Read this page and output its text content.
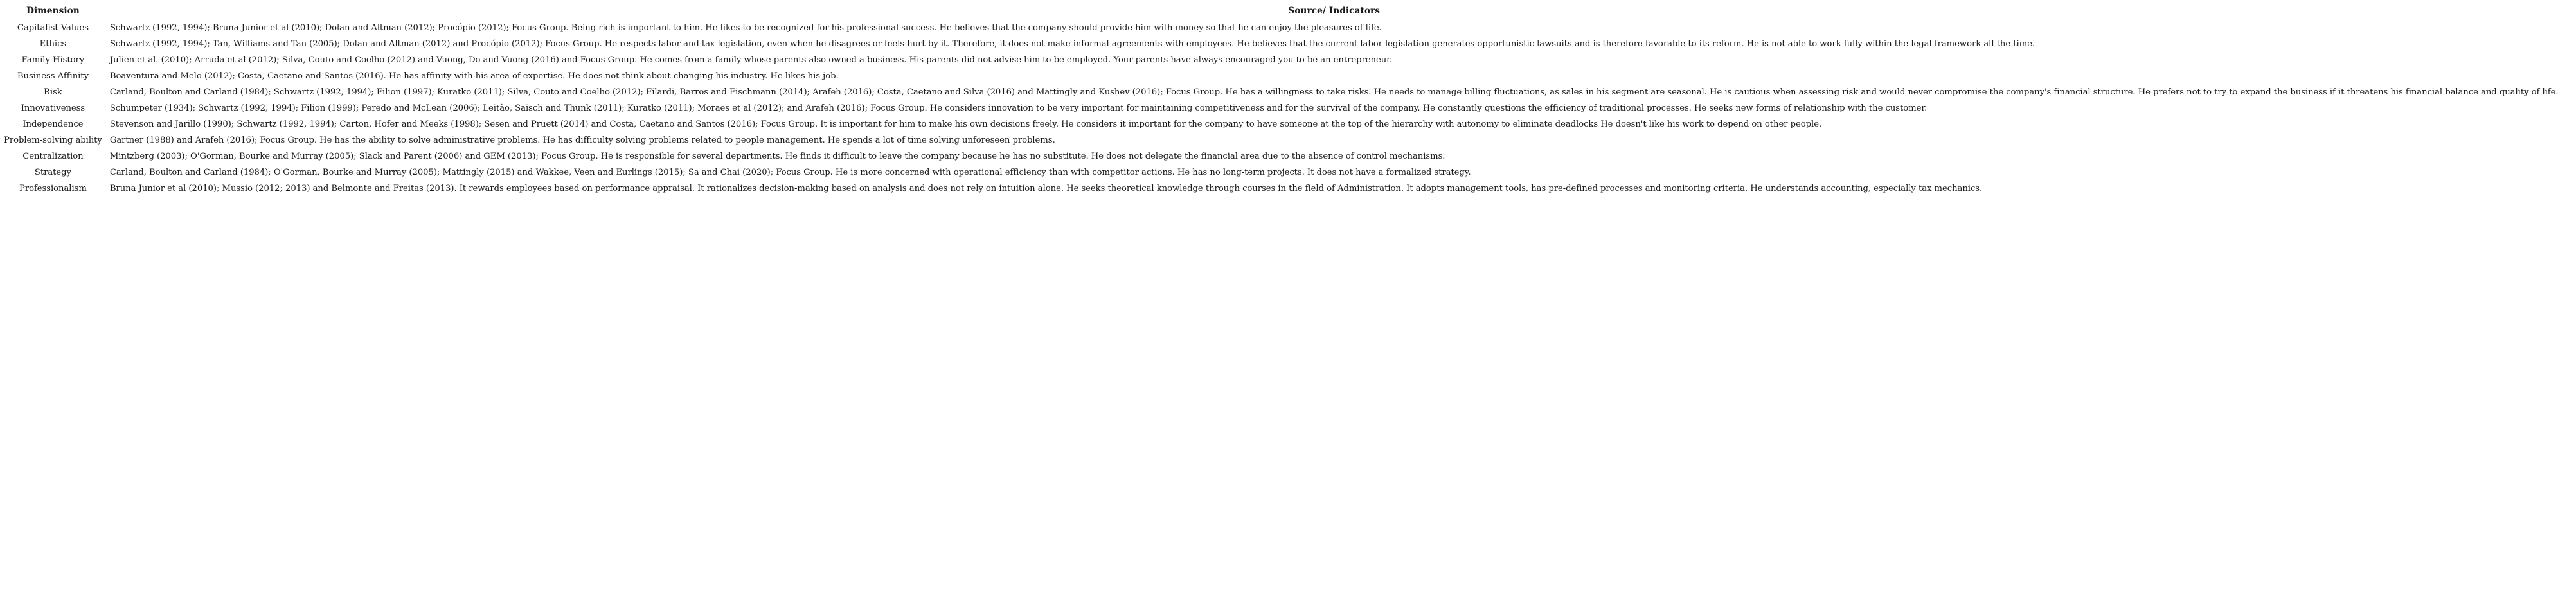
Dimension	Source/ Indicators
Capitalist Values	Schwartz (1992, 1994); Bruna Junior et al (2010); Dolan and Altman (2012); Procópio (2012); Focus Group. Being rich is important to him. He likes to be recognized for his professional success. He believes that the company should provide him with money so that he can enjoy the pleasures of life.
Ethics	Schwartz (1992, 1994); Tan, Williams and Tan (2005); Dolan and Altman (2012) and Procópio (2012); Focus Group. He respects labor and tax legislation, even when he disagrees or feels hurt by it. Therefore, it does not make informal agreements with employees. He believes that the current labor legislation generates opportunistic lawsuits and is therefore favorable to its reform. He is not able to work fully within the legal framework all the time.
Family History	Julien et al. (2010); Arruda et al (2012); Silva, Couto and Coelho (2012) and Vuong, Do and Vuong (2016) and Focus Group. He comes from a family whose parents also owned a business. His parents did not advise him to be employed. Your parents have always encouraged you to be an entrepreneur.
Business Affinity	Boaventura and Melo (2012); Costa, Caetano and Santos (2016). He has affinity with his area of expertise. He does not think about changing his industry. He likes his job.
Risk	Carland, Boulton and Carland (1984); Schwartz (1992, 1994); Filion (1997); Kuratko (2011); Silva, Couto and Coelho (2012); Filardi, Barros and Fischmann (2014); Arafeh (2016); Costa, Caetano and Silva (2016) and Mattingly and Kushev (2016); Focus Group. He has a willingness to take risks. He needs to manage billing fluctuations, as sales in his segment are seasonal. He is cautious when assessing risk and would never compromise the company's financial structure. He prefers not to try to expand the business if it threatens his financial balance and quality of life.
Innovativeness	Schumpeter (1934); Schwartz (1992, 1994); Filion (1999); Peredo and McLean (2006); Leitão, Saisch and Thunk (2011); Kuratko (2011); Moraes et al (2012); and Arafeh (2016); Focus Group. He considers innovation to be very important for maintaining competitiveness and for the survival of the company. He constantly questions the efficiency of traditional processes. He seeks new forms of relationship with the customer.
Independence	Stevenson and Jarillo (1990); Schwartz (1992, 1994); Carton, Hofer and Meeks (1998); Sesen and Pruett (2014) and Costa, Caetano and Santos (2016); Focus Group. It is important for him to make his own decisions freely. He considers it important for the company to have someone at the top of the hierarchy with autonomy to eliminate deadlocks He doesn't like his work to depend on other people.
Problem-solving ability	Gartner (1988) and Arafeh (2016); Focus Group. He has the ability to solve administrative problems. He has difficulty solving problems related to people management. He spends a lot of time solving unforeseen problems.
Centralization	Mintzberg (2003); O'Gorman, Bourke and Murray (2005); Slack and Parent (2006) and GEM (2013); Focus Group. He is responsible for several departments. He finds it difficult to leave the company because he has no substitute. He does not delegate the financial area due to the absence of control mechanisms.
Strategy	Carland, Boulton and Carland (1984); O'Gorman, Bourke and Murray (2005); Mattingly (2015) and Wakkee, Veen and Eurlings (2015); Sa and Chai (2020); Focus Group. He is more concerned with operational efficiency than with competitor actions. He has no long-term projects. It does not have a formalized strategy.
Professionalism	Bruna Junior et al (2010); Mussio (2012; 2013) and Belmonte and Freitas (2013). It rewards employees based on performance appraisal. It rationalizes decision-making based on analysis and does not rely on intuition alone. He seeks theoretical knowledge through courses in the field of Administration. It adopts management tools, has pre-defined processes and monitoring criteria. He understands accounting, especially tax mechanics.
